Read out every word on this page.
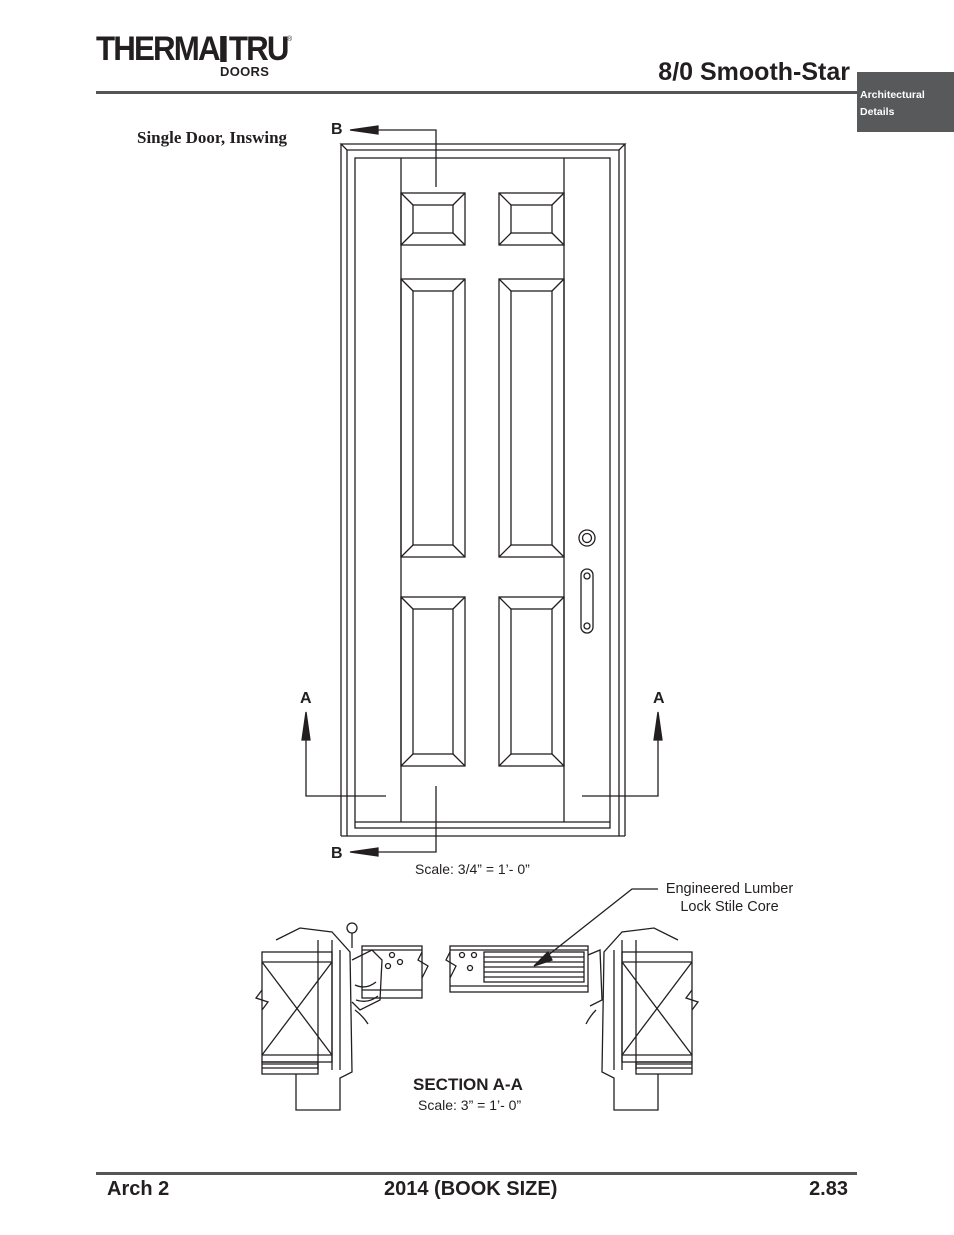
THERMA TRU ®
DOORS	8/0 Smooth-Star
Architectural
Details
Single Door, Inswing	B
B
A	A
Scale: 3/4” = 1’- 0”
Engineered Lumber
Lock Stile Core
SECTION A-A
Scale: 3” = 1’- 0”
Arch 2	2014 (BOOK SIZE)	2.83
